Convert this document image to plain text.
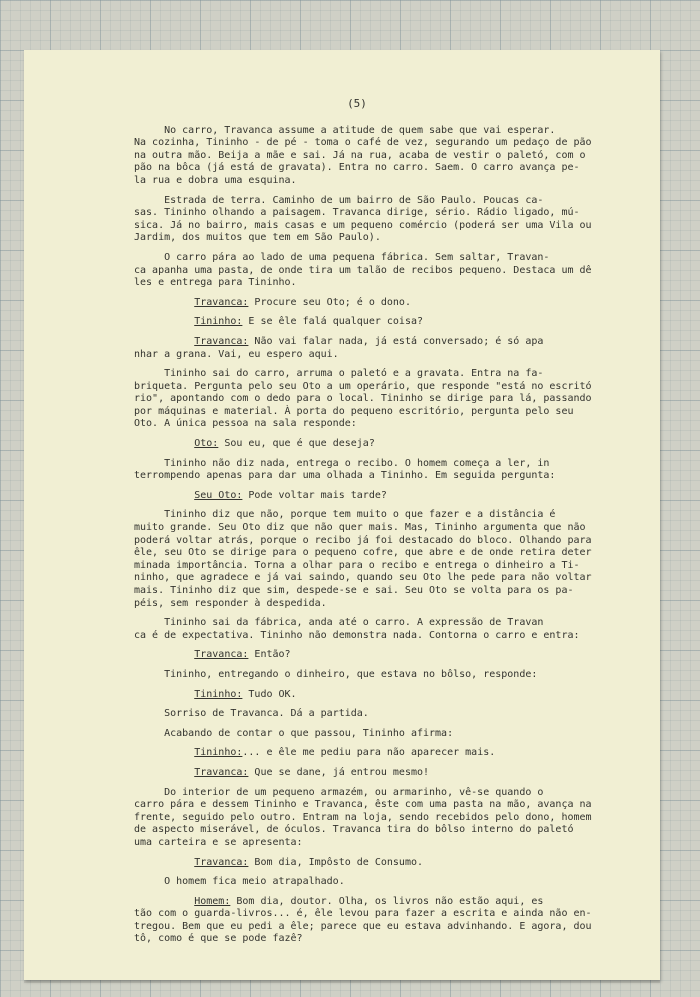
(5)
No carro, Travanca assume a atitude de quem sabe que vai esperar.
Na cozinha, Tininho - de pé - toma o café de vez, segurando um pedaço de pão
na outra mão. Beija a mãe e sai. Já na rua, acaba de vestir o paletó, com o
pão na bôca (já está de gravata). Entra no carro. Saem. O carro avança pe-
la rua e dobra uma esquina.
Estrada de terra. Caminho de um bairro de São Paulo. Poucas ca-
sas. Tininho olhando a paisagem. Travanca dirige, sério. Rádio ligado, mú-
sica. Já no bairro, mais casas e um pequeno comércio (poderá ser uma Vila ou
Jardim, dos muitos que tem em São Paulo).
O carro pára ao lado de uma pequena fábrica. Sem saltar, Travan-
ca apanha uma pasta, de onde tira um talão de recibos pequeno. Destaca um dê
les e entrega para Tininho.
Travanca: Procure seu Oto; é o dono.
Tininho: E se êle falá qualquer coisa?
Travanca: Não vai falar nada, já está conversado; é só apa
nhar a grana. Vai, eu espero aqui.
Tininho sai do carro, arruma o paletó e a gravata. Entra na fa-
briqueta. Pergunta pelo seu Oto a um operário, que responde "está no escritó
rio", apontando com o dedo para o local. Tininho se dirige para lá, passando
por máquinas e material. À porta do pequeno escritório, pergunta pelo seu
Oto. A única pessoa na sala responde:
Oto: Sou eu, que é que deseja?
Tininho não diz nada, entrega o recibo. O homem começa a ler, in
terrompendo apenas para dar uma olhada a Tininho. Em seguida pergunta:
Seu Oto: Pode voltar mais tarde?
Tininho diz que não, porque tem muito o que fazer e a distância é
muito grande. Seu Oto diz que não quer mais. Mas, Tininho argumenta que não
poderá voltar atrás, porque o recibo já foi destacado do bloco. Olhando para
êle, seu Oto se dirige para o pequeno cofre, que abre e de onde retira deter
minada importância. Torna a olhar para o recibo e entrega o dinheiro a Ti-
ninho, que agradece e já vai saindo, quando seu Oto lhe pede para não voltar
mais. Tininho diz que sim, despede-se e sai. Seu Oto se volta para os pa-
péis, sem responder à despedida.
Tininho sai da fábrica, anda até o carro. A expressão de Travan
ca é de expectativa. Tininho não demonstra nada. Contorna o carro e entra:
Travanca: Então?
Tininho, entregando o dinheiro, que estava no bôlso, responde:
Tininho: Tudo OK.
Sorriso de Travanca. Dá a partida.
Acabando de contar o que passou, Tininho afirma:
Tininho:... e êle me pediu para não aparecer mais.
Travanca: Que se dane, já entrou mesmo!
Do interior de um pequeno armazém, ou armarinho, vê-se quando o
carro pára e dessem Tininho e Travanca, êste com uma pasta na mão, avança na
frente, seguido pelo outro. Entram na loja, sendo recebidos pelo dono, homem
de aspecto miserável, de óculos. Travanca tira do bôlso interno do paletó
uma carteira e se apresenta:
Travanca: Bom dia, Impôsto de Consumo.
O homem fica meio atrapalhado.
Homem: Bom dia, doutor. Olha, os livros não estão aqui, es
tão com o guarda-livros... é, êle levou para fazer a escrita e ainda não en-
tregou. Bem que eu pedi a êle; parece que eu estava advinhando. E agora, dou
tô, como é que se pode fazê?
